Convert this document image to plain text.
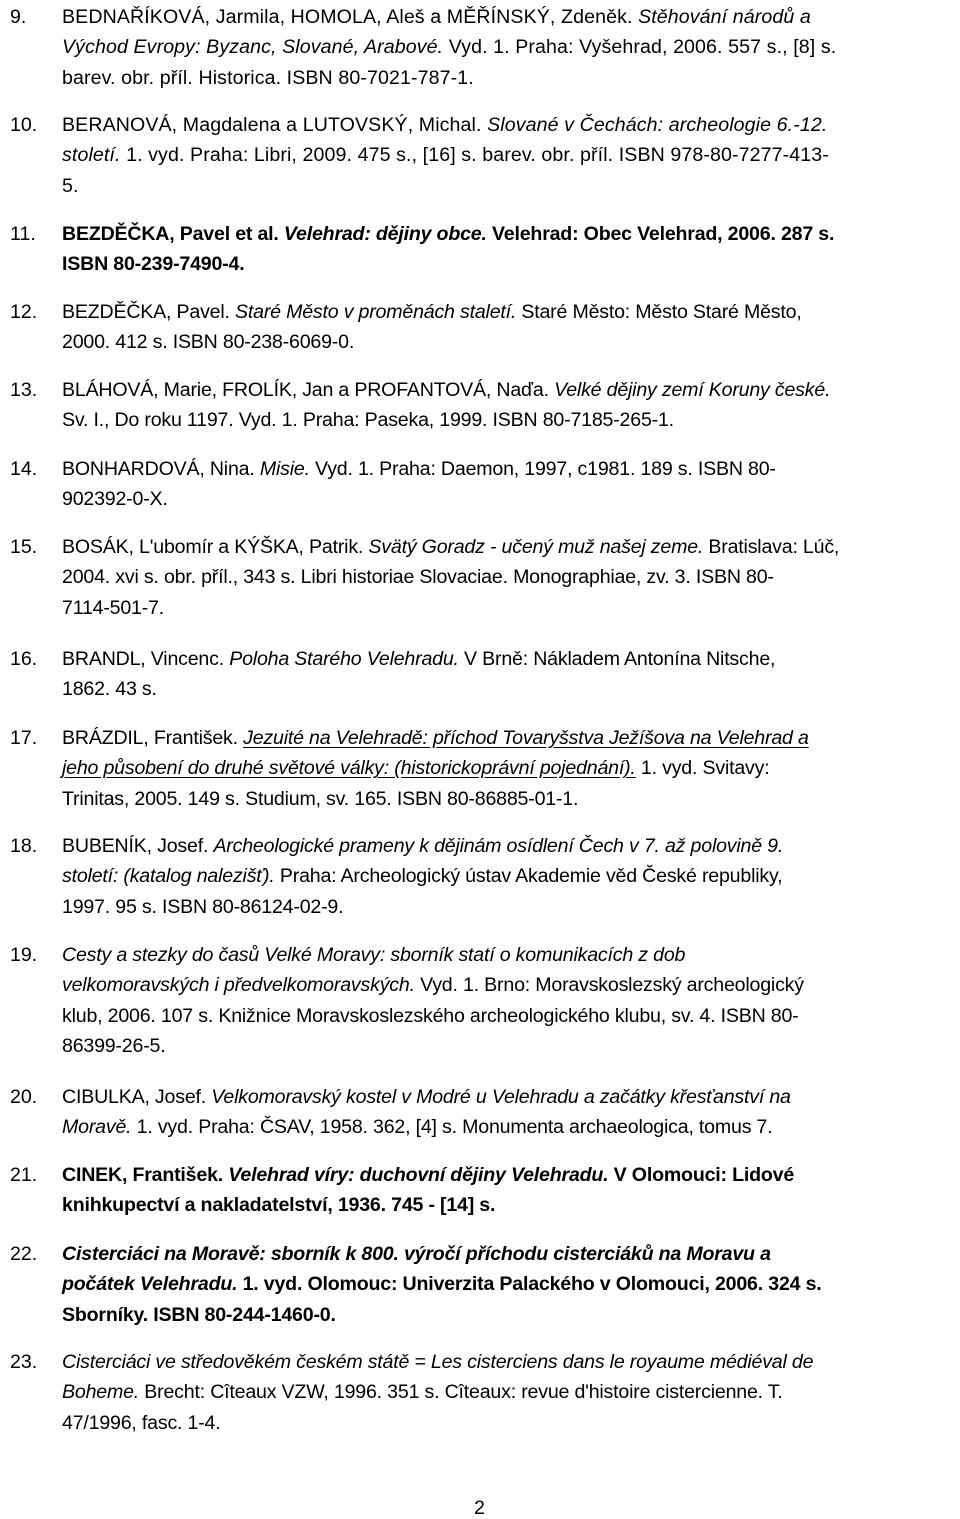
9. BEDNAŘÍKOVÁ, Jarmila, HOMOLA, Aleš a MĚŘÍNSKÝ, Zdeněk. Stěhování národů a
Východ Evropy: Byzanc, Slované, Arabové. Vyd. 1. Praha: Vyšehrad, 2006. 557 s., [8] s.
barev. obr. příl. Historica. ISBN 80-7021-787-1.
10. BERANOVÁ, Magdalena a LUTOVSKÝ, Michal. Slované v Čechách: archeologie 6.-12.
století. 1. vyd. Praha: Libri, 2009. 475 s., [16] s. barev. obr. příl. ISBN 978-80-7277-413-
5.
11. BEZDĚČKA, Pavel et al. Velehrad: dějiny obce. Velehrad: Obec Velehrad, 2006. 287 s.
ISBN 80-239-7490-4.
12. BEZDĚČKA, Pavel. Staré Město v proměnách staletí. Staré Město: Město Staré Město,
2000. 412 s. ISBN 80-238-6069-0.
13. BLÁHOVÁ, Marie, FROLÍK, Jan a PROFANTOVÁ, Naďa. Velké dějiny zemí Koruny české.
Sv. I., Do roku 1197. Vyd. 1. Praha: Paseka, 1999. ISBN 80-7185-265-1.
14. BONHARDOVÁ, Nina. Misie. Vyd. 1. Praha: Daemon, 1997, c1981. 189 s. ISBN 80-
902392-0-X.
15. BOSÁK, L'ubomír a KÝŠKA, Patrik. Svätý Goradz - učený muž našej zeme. Bratislava: Lúč,
2004. xvi s. obr. příl., 343 s. Libri historiae Slovaciae. Monographiae, zv. 3. ISBN 80-
7114-501-7.
16. BRANDL, Vincenc. Poloha Starého Velehradu. V Brně: Nákladem Antonína Nitsche,
1862. 43 s.
17. BRÁZDIL, František. Jezuité na Velehradě: příchod Tovaryšstva Ježíšova na Velehrad a
jeho působení do druhé světové války: (historickoprávní pojednání). 1. vyd. Svitavy:
Trinitas, 2005. 149 s. Studium, sv. 165. ISBN 80-86885-01-1.
18. BUBENÍK, Josef. Archeologické prameny k dějinám osídlení Čech v 7. až polovině 9.
století: (katalog nalezišť). Praha: Archeologický ústav Akademie věd České republiky,
1997. 95 s. ISBN 80-86124-02-9.
19. Cesty a stezky do časů Velké Moravy: sborník statí o komunikacích z dob
velkomoravských i předvelkomoravských. Vyd. 1. Brno: Moravskoslezský archeologický
klub, 2006. 107 s. Knižnice Moravskoslezského archeologického klubu, sv. 4. ISBN 80-
86399-26-5.
20. CIBULKA, Josef. Velkomoravský kostel v Modré u Velehradu a začátky křesťanství na
Moravě. 1. vyd. Praha: ČSAV, 1958. 362, [4] s. Monumenta archaeologica, tomus 7.
21. CINEK, František. Velehrad víry: duchovní dějiny Velehradu. V Olomouci: Lidové
knihkupectví a nakladatelství, 1936. 745 - [14] s.
22. Cisterciáci na Moravě: sborník k 800. výročí příchodu cisterciáků na Moravu a
počátek Velehradu. 1. vyd. Olomouc: Univerzita Palackého v Olomouci, 2006. 324 s.
Sborníky. ISBN 80-244-1460-0.
23. Cisterciáci ve středověkém českém státě = Les cisterciens dans le royaume médiéval de
Boheme. Brecht: Cîteaux VZW, 1996. 351 s. Cîteaux: revue d'histoire cistercienne. T.
47/1996, fasc. 1-4.
2
